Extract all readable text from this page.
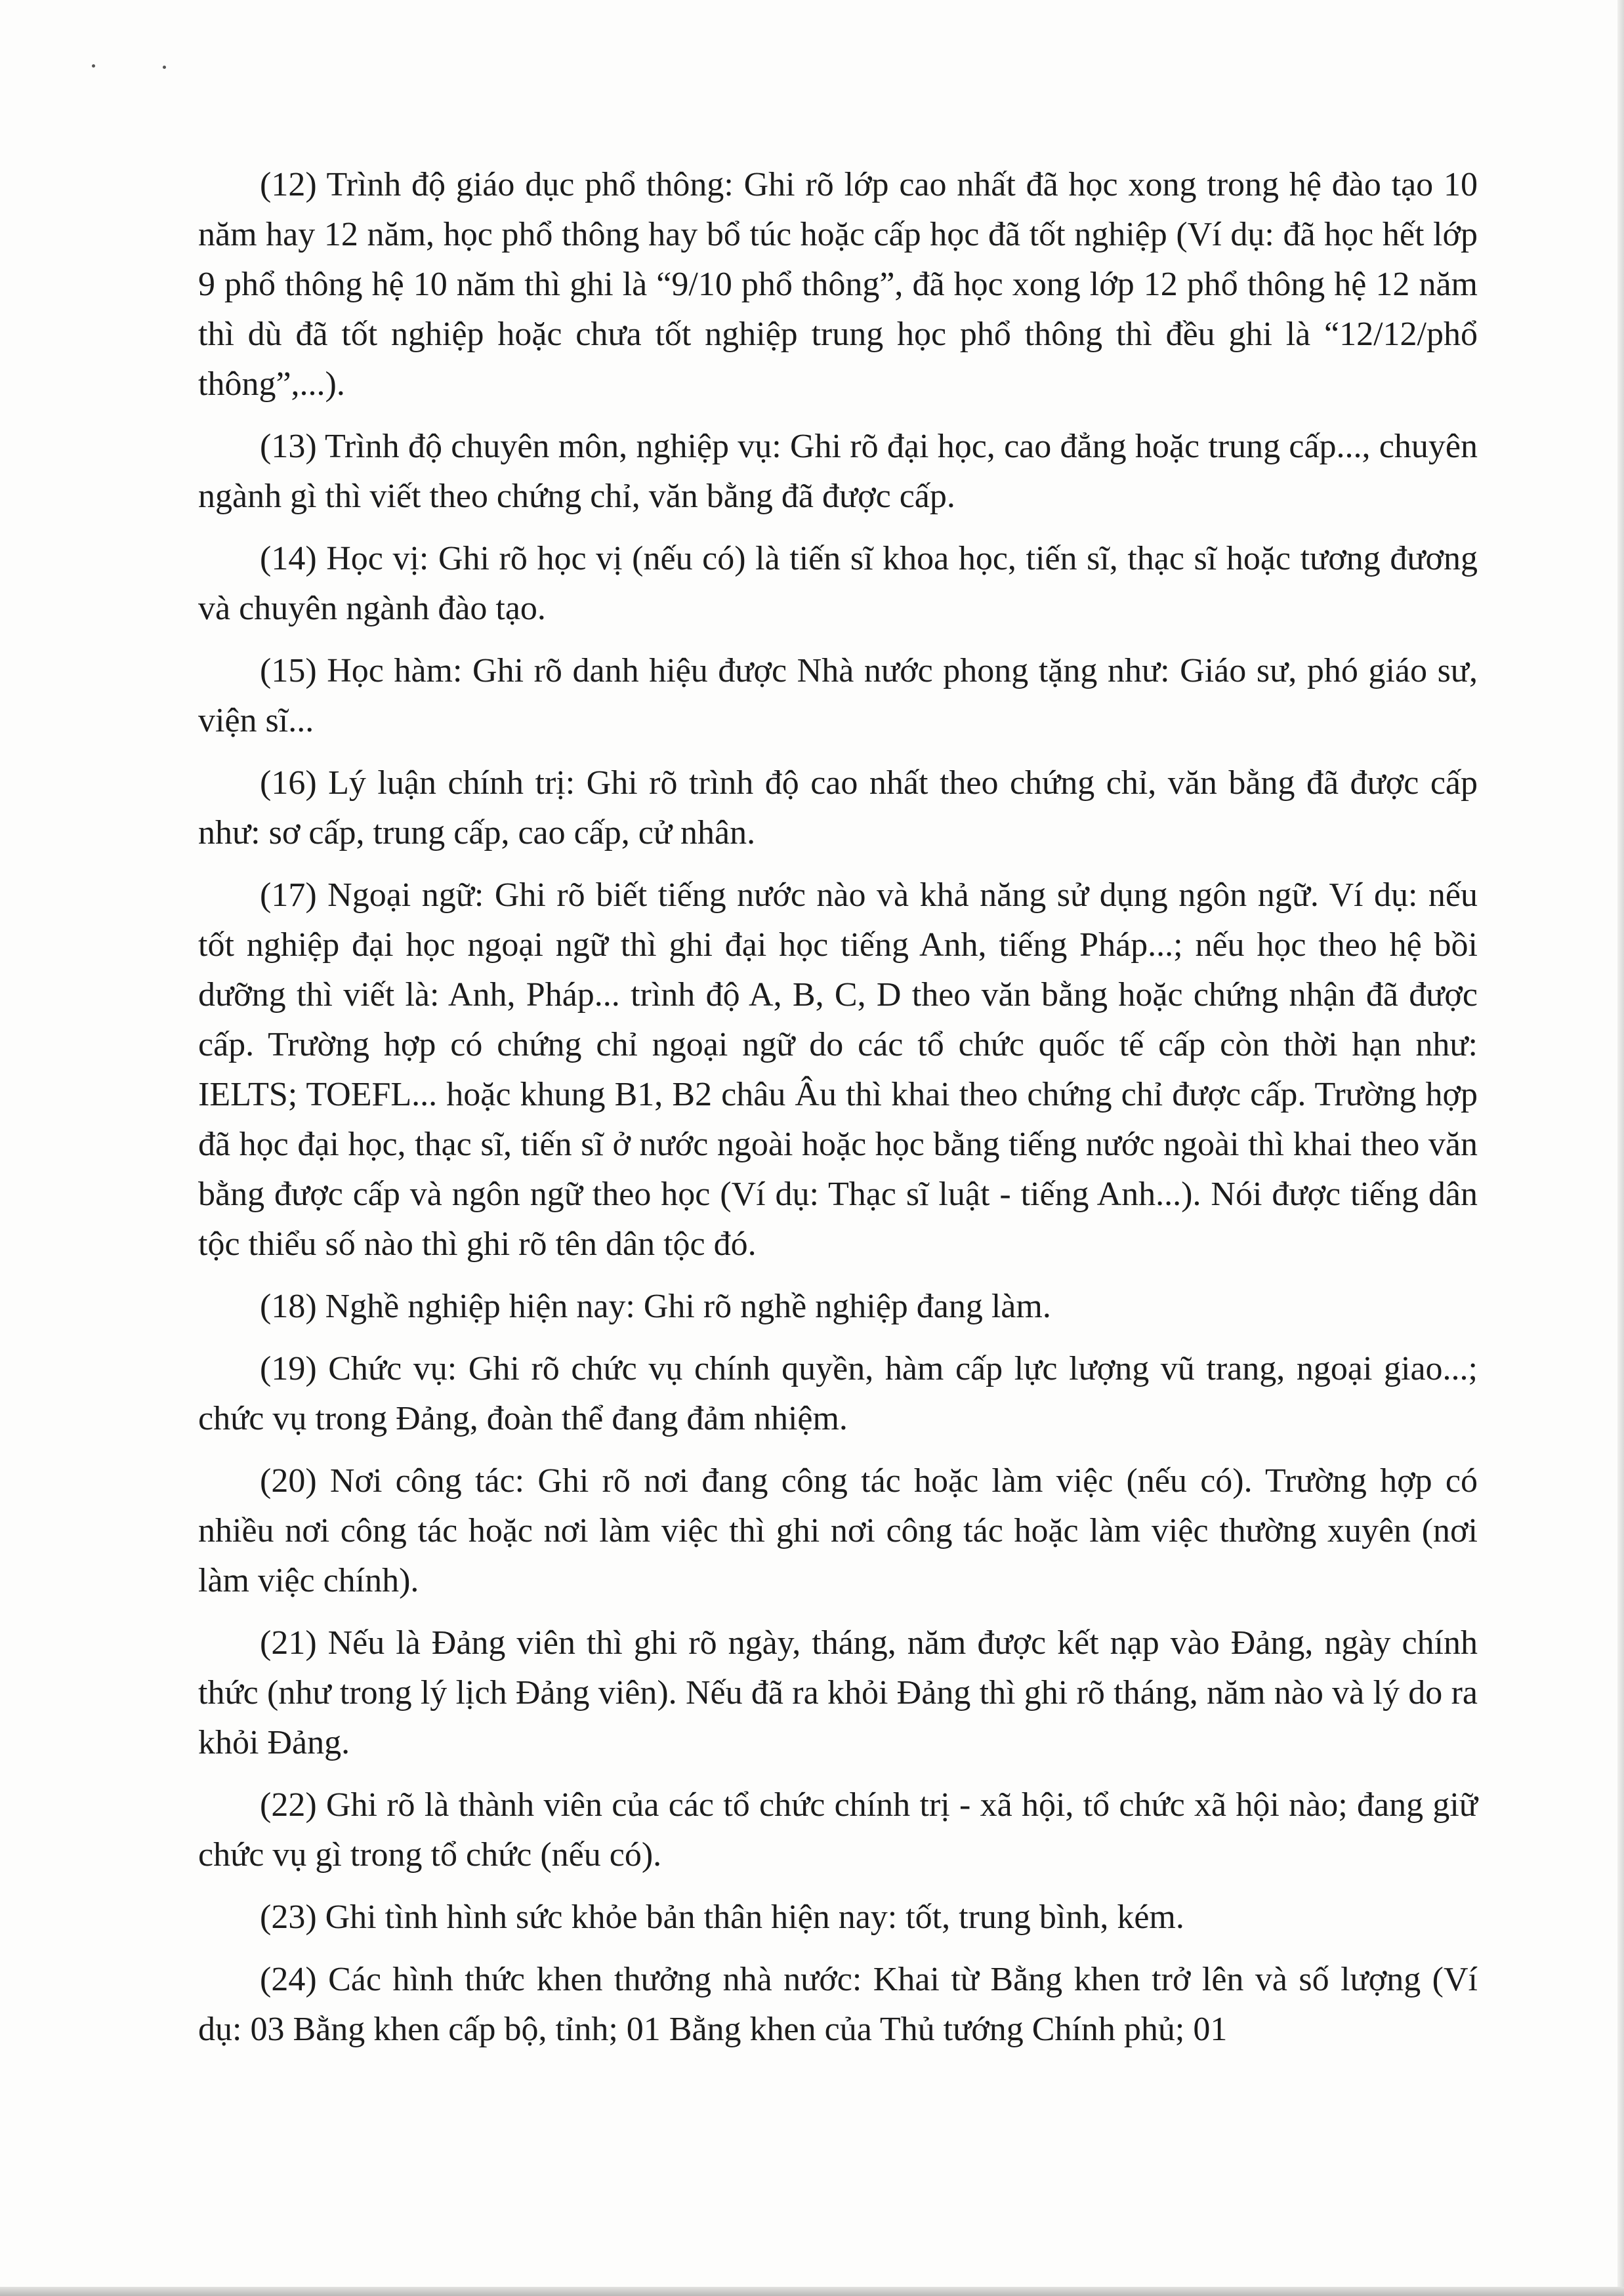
(12) Trình độ giáo dục phổ thông: Ghi rõ lớp cao nhất đã học xong trong hệ đào tạo 10 năm hay 12 năm, học phổ thông hay bổ túc hoặc cấp học đã tốt nghiệp (Ví dụ: đã học hết lớp 9 phổ thông hệ 10 năm thì ghi là “9/10 phổ thông”, đã học xong lớp 12 phổ thông hệ 12 năm thì dù đã tốt nghiệp hoặc chưa tốt nghiệp trung học phổ thông thì đều ghi là “12/12/phổ thông”,...).

(13) Trình độ chuyên môn, nghiệp vụ: Ghi rõ đại học, cao đẳng hoặc trung cấp..., chuyên ngành gì thì viết theo chứng chỉ, văn bằng đã được cấp.

(14) Học vị: Ghi rõ học vị (nếu có) là tiến sĩ khoa học, tiến sĩ, thạc sĩ hoặc tương đương và chuyên ngành đào tạo.

(15) Học hàm: Ghi rõ danh hiệu được Nhà nước phong tặng như: Giáo sư, phó giáo sư, viện sĩ...

(16) Lý luận chính trị: Ghi rõ trình độ cao nhất theo chứng chỉ, văn bằng đã được cấp như: sơ cấp, trung cấp, cao cấp, cử nhân.

(17) Ngoại ngữ: Ghi rõ biết tiếng nước nào và khả năng sử dụng ngôn ngữ. Ví dụ: nếu tốt nghiệp đại học ngoại ngữ thì ghi đại học tiếng Anh, tiếng Pháp...; nếu học theo hệ bồi dưỡng thì viết là: Anh, Pháp... trình độ A, B, C, D theo văn bằng hoặc chứng nhận đã được cấp. Trường hợp có chứng chỉ ngoại ngữ do các tổ chức quốc tế cấp còn thời hạn như: IELTS; TOEFL... hoặc khung B1, B2 châu Âu thì khai theo chứng chỉ được cấp. Trường hợp đã học đại học, thạc sĩ, tiến sĩ ở nước ngoài hoặc học bằng tiếng nước ngoài thì khai theo văn bằng được cấp và ngôn ngữ theo học (Ví dụ: Thạc sĩ luật - tiếng Anh...). Nói được tiếng dân tộc thiểu số nào thì ghi rõ tên dân tộc đó.

(18) Nghề nghiệp hiện nay: Ghi rõ nghề nghiệp đang làm.

(19) Chức vụ: Ghi rõ chức vụ chính quyền, hàm cấp lực lượng vũ trang, ngoại giao...; chức vụ trong Đảng, đoàn thể đang đảm nhiệm.

(20) Nơi công tác: Ghi rõ nơi đang công tác hoặc làm việc (nếu có). Trường hợp có nhiều nơi công tác hoặc nơi làm việc thì ghi nơi công tác hoặc làm việc thường xuyên (nơi làm việc chính).

(21) Nếu là Đảng viên thì ghi rõ ngày, tháng, năm được kết nạp vào Đảng, ngày chính thức (như trong lý lịch Đảng viên). Nếu đã ra khỏi Đảng thì ghi rõ tháng, năm nào và lý do ra khỏi Đảng.

(22) Ghi rõ là thành viên của các tổ chức chính trị - xã hội, tổ chức xã hội nào; đang giữ chức vụ gì trong tổ chức (nếu có).

(23) Ghi tình hình sức khỏe bản thân hiện nay: tốt, trung bình, kém.

(24) Các hình thức khen thưởng nhà nước: Khai từ Bằng khen trở lên và số lượng (Ví dụ: 03 Bằng khen cấp bộ, tỉnh; 01 Bằng khen của Thủ tướng Chính phủ; 01
